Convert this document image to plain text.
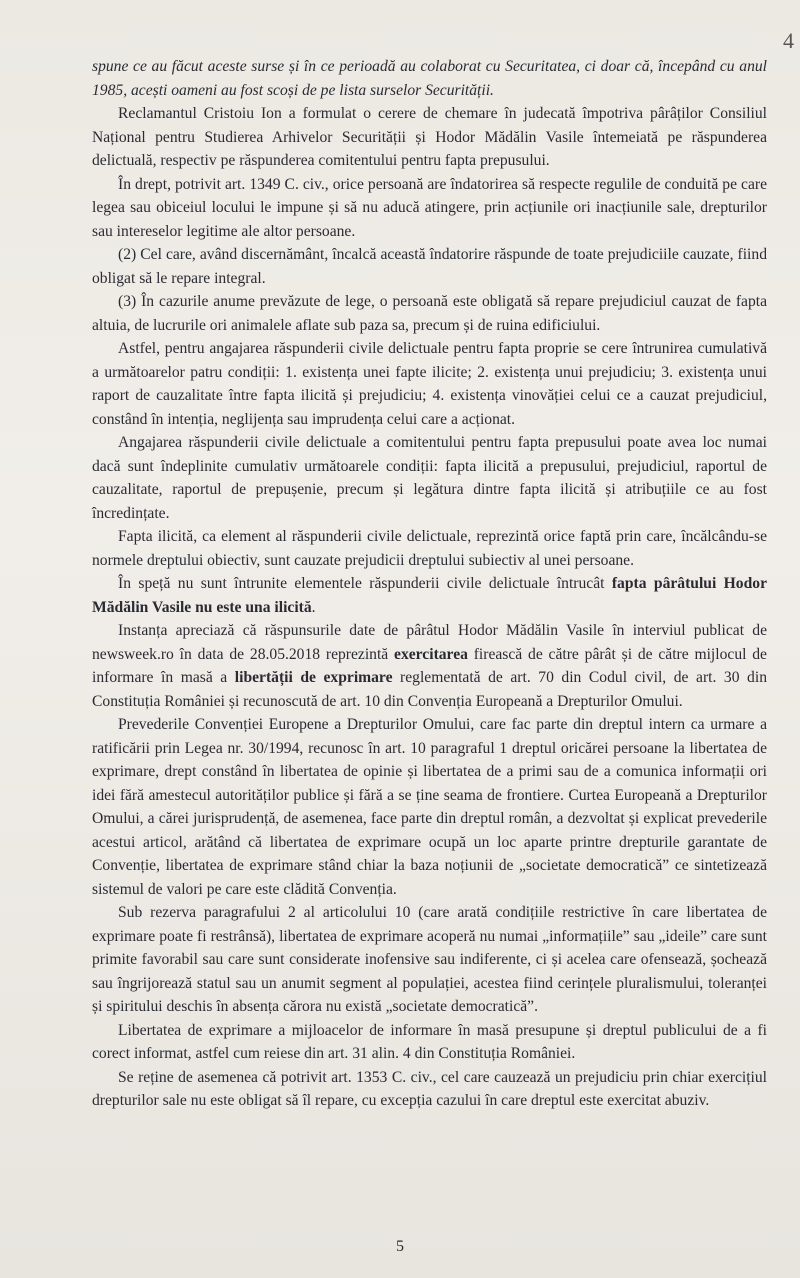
4

spune ce au făcut aceste surse și în ce perioadă au colaborat cu Securitatea, ci doar că, începând cu anul 1985, acești oameni au fost scoși de pe lista surselor Securității.

Reclamantul Cristoiu Ion a formulat o cerere de chemare în judecată împotriva pârâților Consiliul Național pentru Studierea Arhivelor Securității și Hodor Mădălin Vasile întemeiată pe răspunderea delictuală, respectiv pe răspunderea comitentului pentru fapta prepusului.

În drept, potrivit art. 1349 C. civ., orice persoană are îndatorirea să respecte regulile de conduită pe care legea sau obiceiul locului le impune și să nu aducă atingere, prin acțiunile ori inacțiunile sale, drepturilor sau intereselor legitime ale altor persoane.

(2) Cel care, având discernământ, încalcă această îndatorire răspunde de toate prejudiciile cauzate, fiind obligat să le repare integral.

(3) În cazurile anume prevăzute de lege, o persoană este obligată să repare prejudiciul cauzat de fapta altuia, de lucrurile ori animalele aflate sub paza sa, precum și de ruina edificiului.

Astfel, pentru angajarea răspunderii civile delictuale pentru fapta proprie se cere întrunirea cumulativă a următoarelor patru condiții: 1. existența unei fapte ilicite; 2. existența unui prejudiciu; 3. existența unui raport de cauzalitate între fapta ilicită și prejudiciu; 4. existența vinovăției celui ce a cauzat prejudiciul, constând în intenția, neglijența sau imprudența celui care a acționat.

Angajarea răspunderii civile delictuale a comitentului pentru fapta prepusului poate avea loc numai dacă sunt îndeplinite cumulativ următoarele condiții: fapta ilicită a prepusului, prejudiciul, raportul de cauzalitate, raportul de prepușenie, precum și legătura dintre fapta ilicită și atribuțiile ce au fost încredințate.

Fapta ilicită, ca element al răspunderii civile delictuale, reprezintă orice faptă prin care, încălcându-se normele dreptului obiectiv, sunt cauzate prejudicii dreptului subiectiv al unei persoane.

În speță nu sunt întrunite elementele răspunderii civile delictuale întrucât fapta pârâtului Hodor Mădălin Vasile nu este una ilicită.

Instanța apreciază că răspunsurile date de pârâtul Hodor Mădălin Vasile în interviul publicat de newsweek.ro în data de 28.05.2018 reprezintă exercitarea firească de către pârât și de către mijlocul de informare în masă a libertății de exprimare reglementată de art. 70 din Codul civil, de art. 30 din Constituția României și recunoscută de art. 10 din Convenția Europeană a Drepturilor Omului.

Prevederile Convenției Europene a Drepturilor Omului, care fac parte din dreptul intern ca urmare a ratificării prin Legea nr. 30/1994, recunosc în art. 10 paragraful 1 dreptul oricărei persoane la libertatea de exprimare, drept constând în libertatea de opinie și libertatea de a primi sau de a comunica informații ori idei fără amestecul autorităților publice și fără a se ține seama de frontiere. Curtea Europeană a Drepturilor Omului, a cărei jurisprudență, de asemenea, face parte din dreptul român, a dezvoltat și explicat prevederile acestui articol, arătând că libertatea de exprimare ocupă un loc aparte printre drepturile garantate de Convenție, libertatea de exprimare stând chiar la baza noțiunii de „societate democratică” ce sintetizează sistemul de valori pe care este clădită Convenția.

Sub rezerva paragrafului 2 al articolului 10 (care arată condițiile restrictive în care libertatea de exprimare poate fi restrânsă), libertatea de exprimare acoperă nu numai „informațiile” sau „ideile” care sunt primite favorabil sau care sunt considerate inofensive sau indiferente, ci și acelea care ofensează, șochează sau îngrijorează statul sau un anumit segment al populației, acestea fiind cerințele pluralismului, toleranței și spiritului deschis în absența cărora nu există „societate democratică”.

Libertatea de exprimare a mijloacelor de informare în masă presupune și dreptul publicului de a fi corect informat, astfel cum reiese din art. 31 alin. 4 din Constituția României.

Se reține de asemenea că potrivit art. 1353 C. civ., cel care cauzează un prejudiciu prin chiar exercițiul drepturilor sale nu este obligat să îl repare, cu excepția cazului în care dreptul este exercitat abuziv.

5
